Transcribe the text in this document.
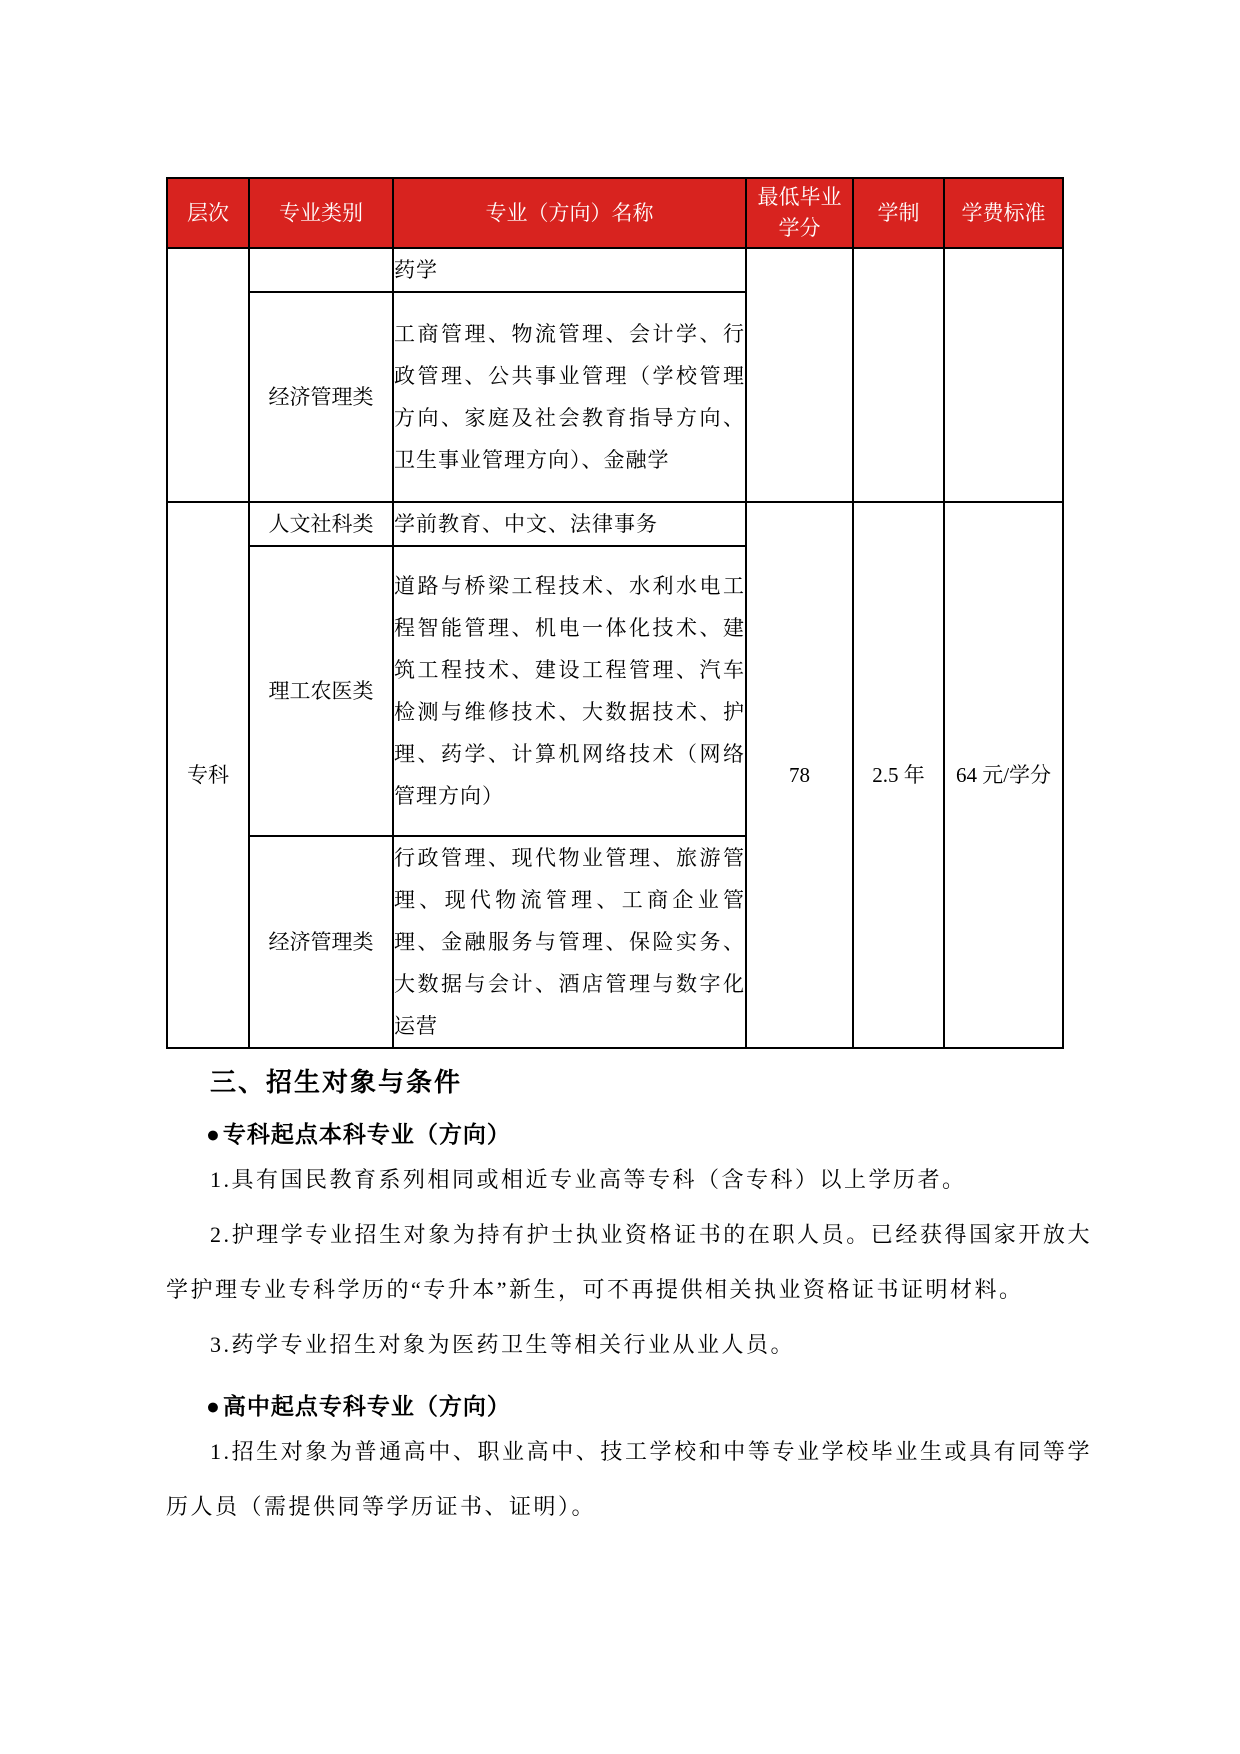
层次	专业类别	专业（方向）名称	最低毕业学分	学制	学费标准
		药学			
	经济管理类	工商管理、物流管理、会计学、行政管理、公共事业管理（学校管理方向、家庭及社会教育指导方向、卫生事业管理方向）、金融学			
专科	人文社科类	学前教育、中文、法律事务	78	2.5 年	64 元/学分
	理工农医类	道路与桥梁工程技术、水利水电工程智能管理、机电一体化技术、建筑工程技术、建设工程管理、汽车检测与维修技术、大数据技术、护理、药学、计算机网络技术（网络管理方向）			
	经济管理类	行政管理、现代物业管理、旅游管理、现代物流管理、工商企业管理、金融服务与管理、保险实务、大数据与会计、酒店管理与数字化运营			
三、招生对象与条件
●专科起点本科专业（方向）

1.具有国民教育系列相同或相近专业高等专科（含专科）以上学历者。

2.护理学专业招生对象为持有护士执业资格证书的在职人员。已经获得国家开放大学护理专业专科学历的“专升本”新生，可不再提供相关执业资格证书证明材料。

3.药学专业招生对象为医药卫生等相关行业从业人员。

●高中起点专科专业（方向）

1.招生对象为普通高中、职业高中、技工学校和中等专业学校毕业生或具有同等学历人员（需提供同等学历证书、证明）。
